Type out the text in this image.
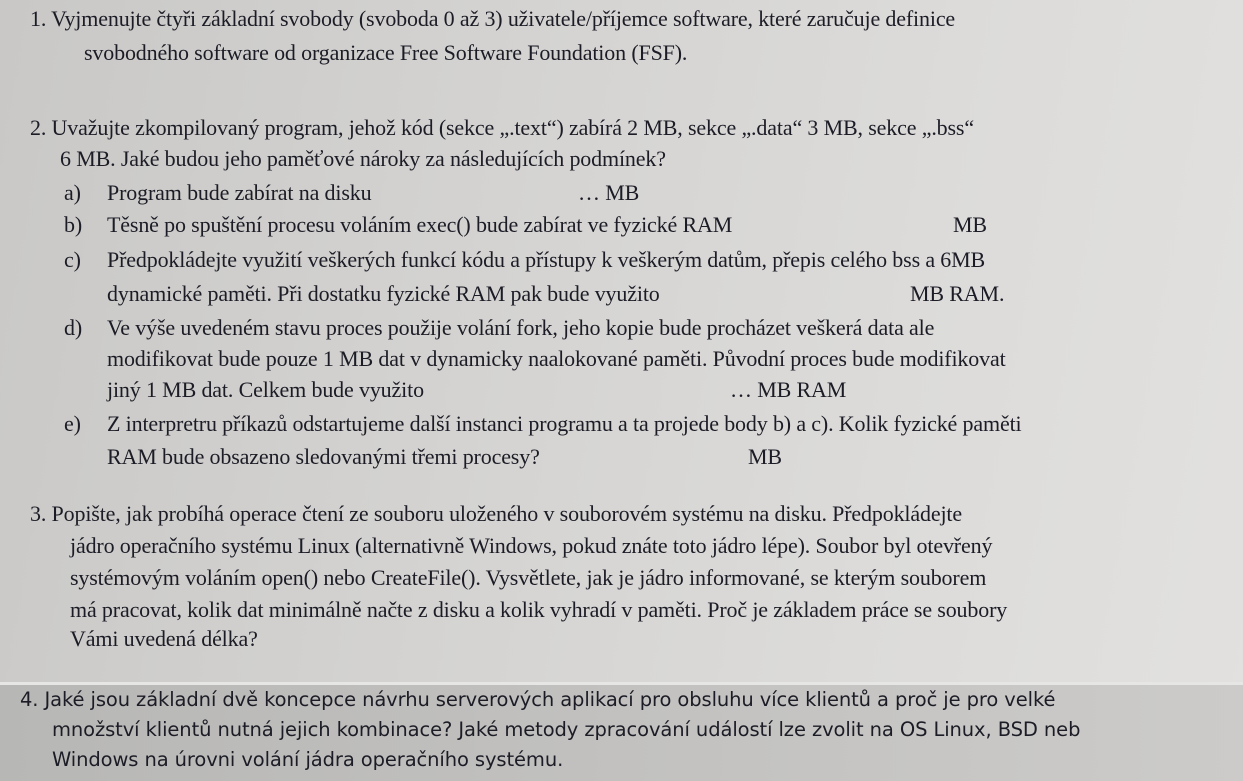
1. Vyjmenujte čtyři základní svobody (svoboda 0 až 3) uživatele/příjemce software, které zaručuje definice
svobodného software od organizace Free Software Foundation (FSF).
2. Uvažujte zkompilovaný program, jehož kód (sekce „.text“) zabírá 2 MB, sekce „.data“ 3 MB, sekce „.bss“
6 MB. Jaké budou jeho paměťové nároky za následujících podmínek?
a) Program bude zabírat na disku	… MB
b) Těsně po spuštění procesu voláním exec() bude zabírat ve fyzické RAM	MB
c) Předpokládejte využití veškerých funkcí kódu a přístupy k veškerým datům, přepis celého bss a 6MB
dynamické paměti. Při dostatku fyzické RAM pak bude využito	MB RAM.
d) Ve výše uvedeném stavu proces použije volání fork, jeho kopie bude procházet veškerá data ale
modifikovat bude pouze 1 MB dat v dynamicky naalokované paměti. Původní proces bude modifikovat
jiný 1 MB dat. Celkem bude využito	… MB RAM
e) Z interpretru příkazů odstartujeme další instanci programu a ta projede body b) a c). Kolik fyzické paměti
RAM bude obsazeno sledovanými třemi procesy?	MB
3. Popište, jak probíhá operace čtení ze souboru uloženého v souborovém systému na disku. Předpokládejte
jádro operačního systému Linux (alternativně Windows, pokud znáte toto jádro lépe). Soubor byl otevřený
systémovým voláním open() nebo CreateFile(). Vysvětlete, jak je jádro informované, se kterým souborem
má pracovat, kolik dat minimálně načte z disku a kolik vyhradí v paměti. Proč je základem práce se soubory
Vámi uvedená délka?
4. Jaké jsou základní dvě koncepce návrhu serverových aplikací pro obsluhu více klientů a proč je pro velké
množství klientů nutná jejich kombinace? Jaké metody zpracování událostí lze zvolit na OS Linux, BSD neb
Windows na úrovni volání jádra operačního systému.
